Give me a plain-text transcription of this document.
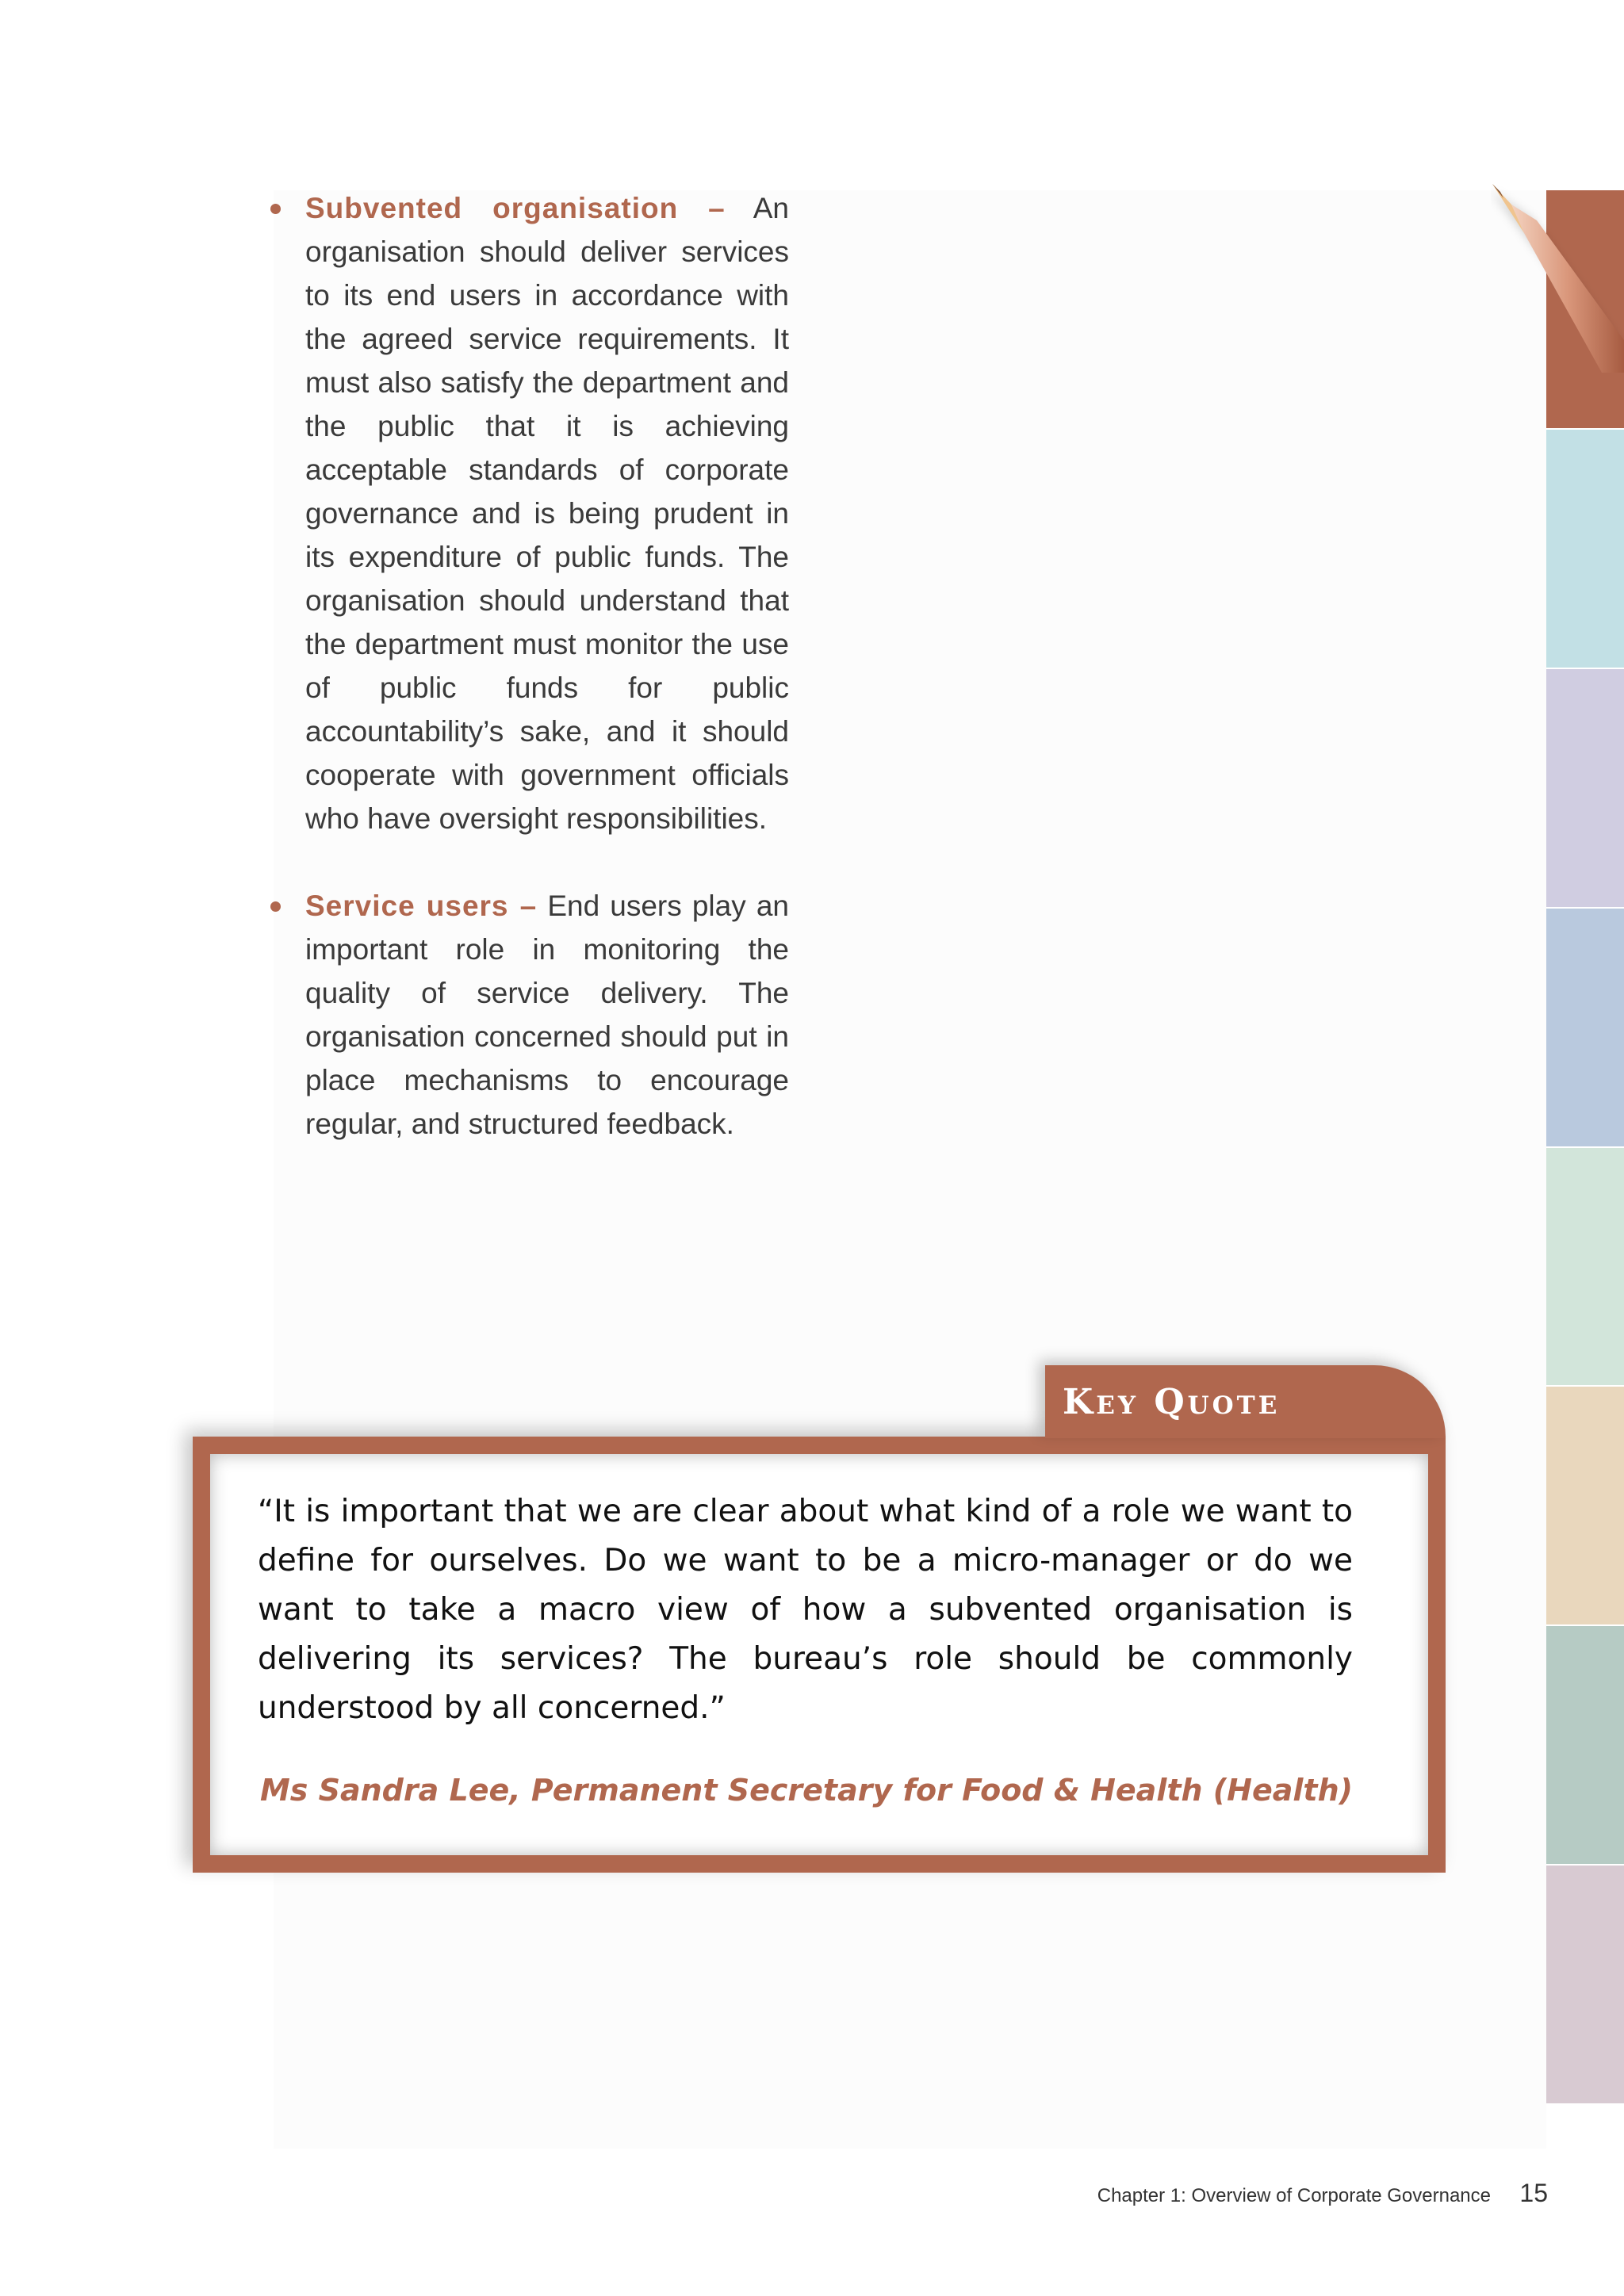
Subvented organisation – An organisation should deliver services to its end users in accordance with the agreed service requirements. It must also satisfy the department and the public that it is achieving acceptable standards of corporate governance and is being prudent in its expenditure of public funds. The organisation should understand that the department must monitor the use of public funds for public accountability’s sake, and it should cooperate with government officials who have oversight responsibilities.
Service users – End users play an important role in monitoring the quality of service delivery. The organisation concerned should put in place mechanisms to encourage regular, and structured feedback.

“It is important that we are clear about what kind of a role we want to define for ourselves. Do we want to be a micro-manager or do we want to take a macro view of how a subvented organisation is delivering its services? The bureau’s role should be commonly understood by all concerned.”

Ms Sandra Lee, Permanent Secretary for Food & Health (Health)
Key Quote
Chapter 1: Overview of Corporate Governance 15
